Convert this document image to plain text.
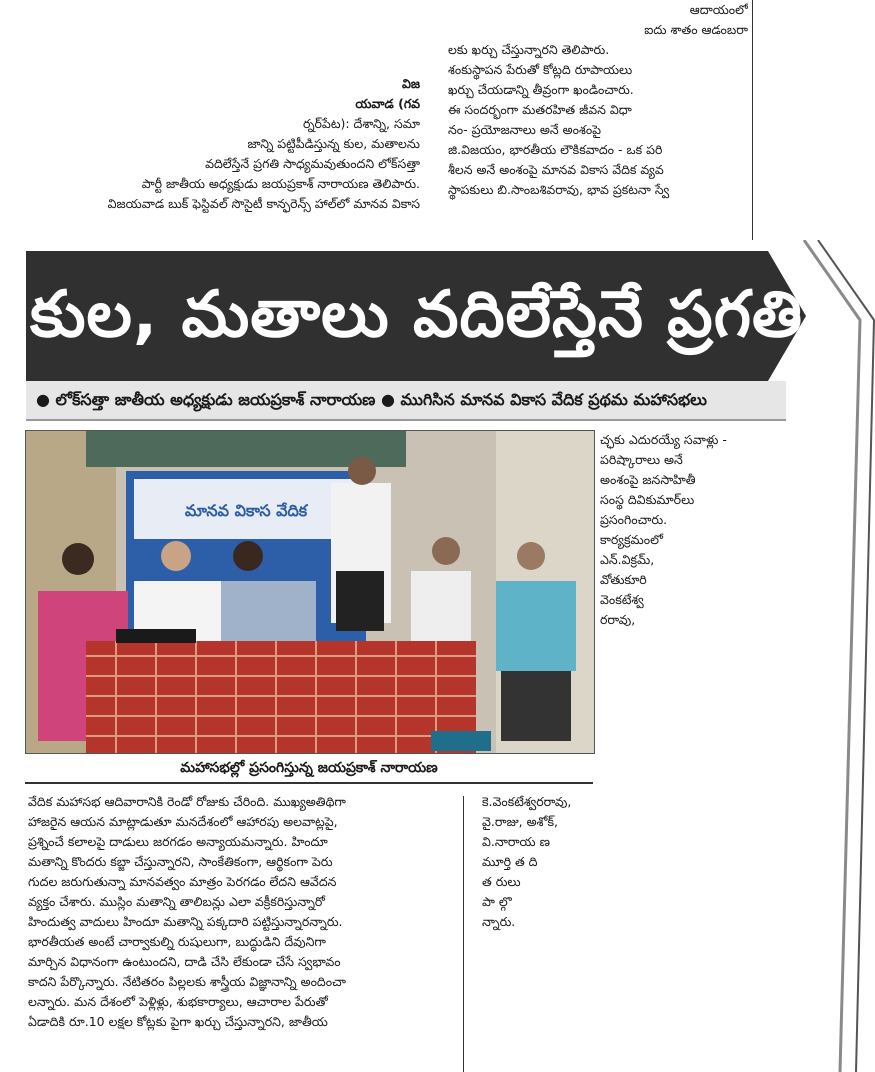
ఆదాయంలో

ఐదు శాతం ఆడంబరా

లకు ఖర్చు చేస్తున్నారని తెలిపారు.

శంకుస్థాపన పేరుతో కోట్లది రూపాయలు

ఖర్చు చేయడాన్ని తీవ్రంగా ఖండించారు.

ఈ సందర్భంగా మతరహిత జీవన విధా

నం- ప్రయోజనాలు అనే అంశంపై

జి.విజయం, భారతీయ లౌకికవాదం - ఒక పరి

శీలన అనే అంశంపై మానవ వికాస వేదిక వ్యవ

స్థాపకులు బి.సాంబశివరావు, భావ ప్రకటనా స్వే

విజ

యవాడ (గవ

ర్నర్‌పేట): దేశాన్ని, సమా

జాన్ని పట్టిపీడిస్తున్న కుల, మతాలను

వదిలేస్తేనే ప్రగతి సాధ్యమవుతుందని లోక్‌సత్తా

పార్టీ జాతీయ అధ్యక్షుడు జయప్రకాశ్ నారాయణ తెలిపారు.

విజయవాడ బుక్ ఫెస్టివల్ సొసైటీ కాన్ఫరెన్స్ హాల్‌లో మానవ వికాస

కుల, మతాలు వదిలేస్తేనే ప్రగతి
● లోక్‌సత్తా జాతీయ అధ్యక్షుడు జయప్రకాశ్ నారాయణ ● ముగిసిన మానవ వికాస వేదిక ప్రథమ మహాసభలు
మానవ వికాస వేదిక
మహాసభల్లో ప్రసంగిస్తున్న జయప్రకాశ్ నారాయణ

చ్ఛకు ఎదురయ్యే సవాళ్లు -

పరిష్కారాలు అనే

అంశంపై జనసాహితీ

సంస్థ దివికుమార్‌లు

ప్రసంగించారు.

కార్యక్రమంలో

ఎన్.విక్రమ్,

వోతుకూరి

వెంకటేశ్వ

రరావు,

వేదిక మహాసభ ఆదివారానికి రెండో రోజుకు చేరింది. ముఖ్యఅతిథిగా

హాజరైన ఆయన మాట్లాడుతూ మనదేశంలో ఆహారపు అలవాట్లపై,

ప్రశ్నించే కలాలపై దాడులు జరగడం అన్యాయమన్నారు. హిందూ

మతాన్ని కొందరు కబ్జా చేస్తున్నారని, సాంకేతికంగా, ఆర్థికంగా పెరు

గుదల జరుగుతున్నా మానవత్వం మాత్రం పెరగడం లేదని ఆవేదన

వ్యక్తం చేశారు. ముస్లిం మతాన్ని తాలిబన్లు ఎలా వక్రీకరిస్తున్నారో

హిందుత్వ వాదులు హిందూ మతాన్ని పక్కదారి పట్టిస్తున్నారన్నారు.

భారతీయత అంటే చార్వాకుల్ని రుషులుగా, బుద్ధుడిని దేవునిగా

మార్చిన విధానంగా ఉంటుందని, దాడి చేసి లేకుండా చేసే స్వభావం

కాదని పేర్కొన్నారు. నేటితరం పిల్లలకు శాస్త్రీయ విజ్ఞానాన్ని అందించా

లన్నారు. మన దేశంలో పెళ్లిళ్లు, శుభకార్యాలు, ఆచారాల పేరుతో

ఏడాదికి రూ.10 లక్షల కోట్లకు పైగా ఖర్చు చేస్తున్నారని, జాతీయ

కె.వెంకటేశ్వరరావు,

వై.రాజు, అశోక్,

వి.నారాయ ణ

మూర్తి త ది

త రులు

పా ల్గొ

న్నారు.
